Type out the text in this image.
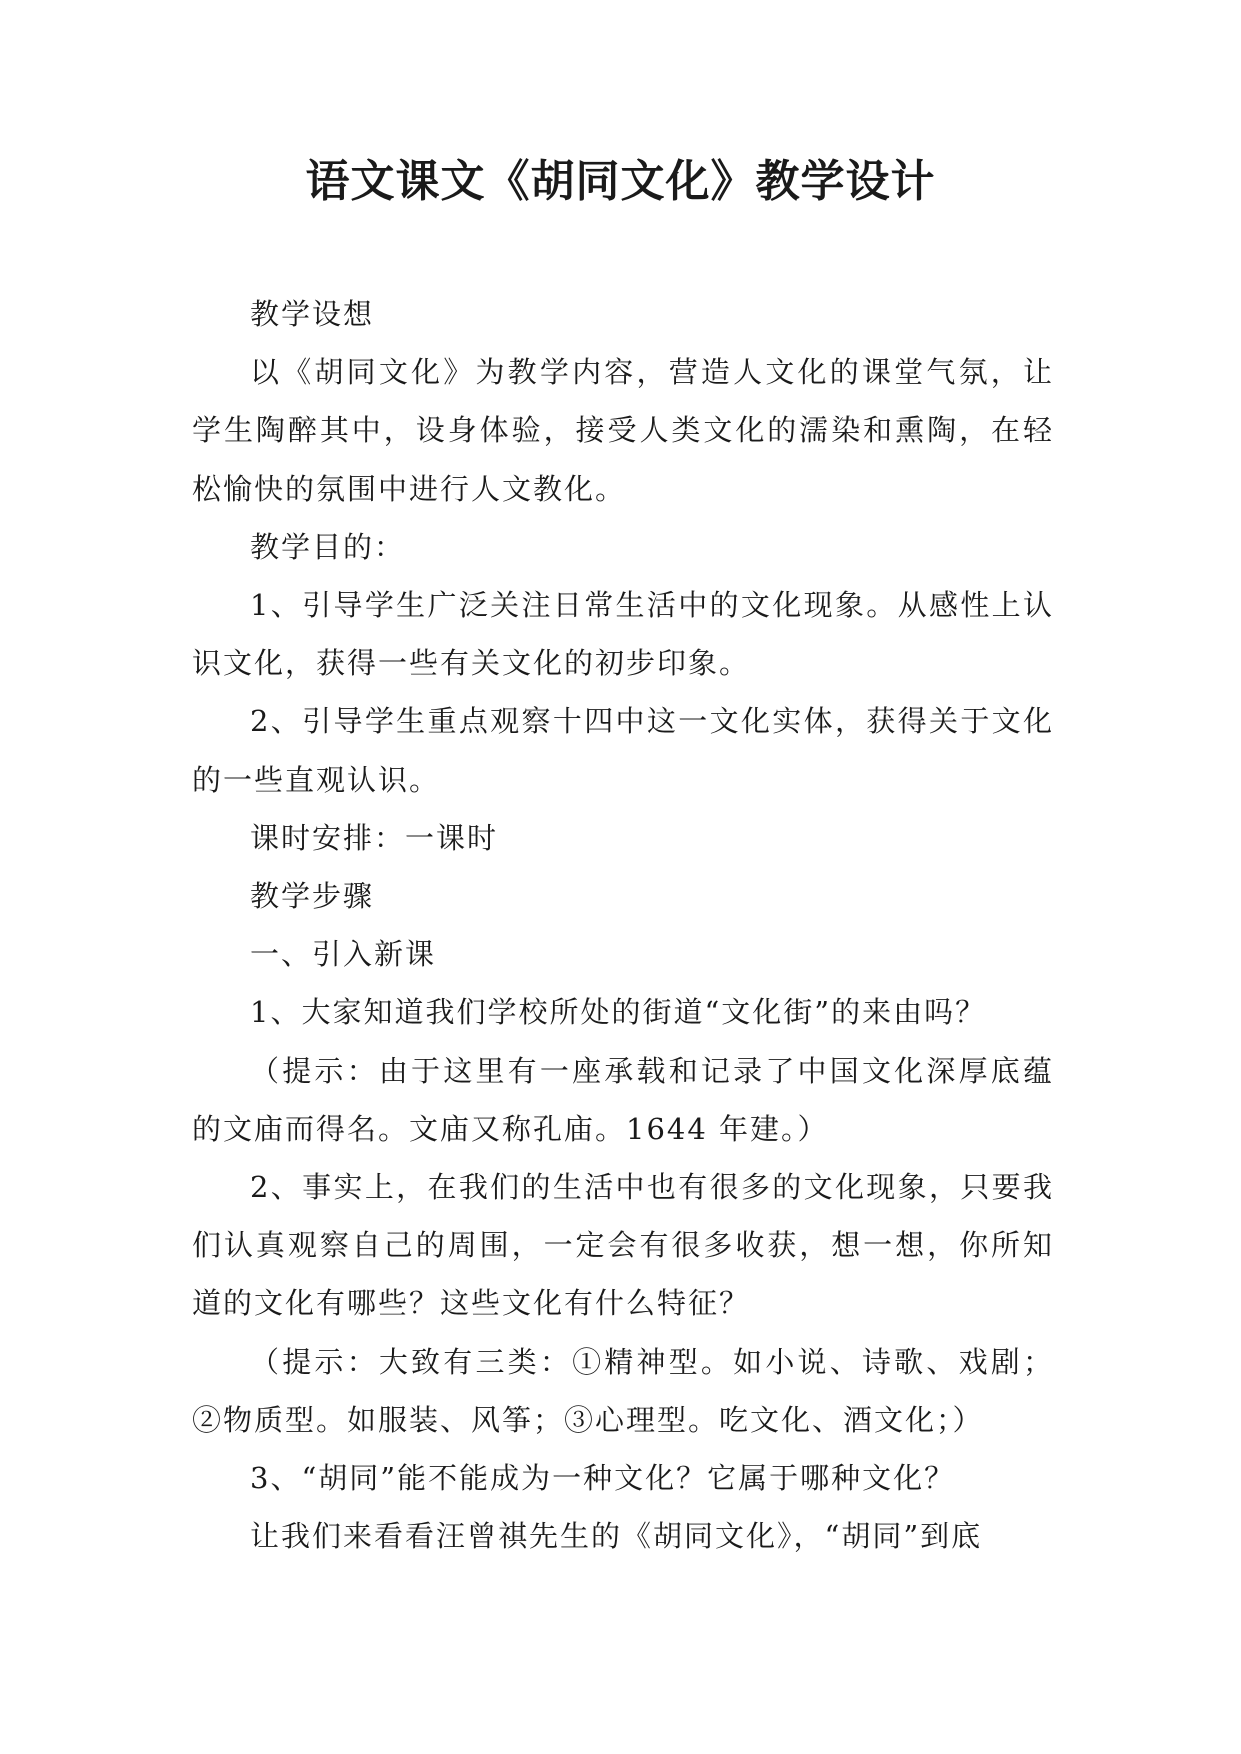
语文课文《胡同文化》教学设计

教学设想

以《胡同文化》为教学内容，营造人文化的课堂气氛，让学生陶醉其中，设身体验，接受人类文化的濡染和熏陶，在轻松愉快的氛围中进行人文教化。

教学目的：

1、引导学生广泛关注日常生活中的文化现象。从感性上认识文化，获得一些有关文化的初步印象。

2、引导学生重点观察十四中这一文化实体，获得关于文化的一些直观认识。

课时安排：一课时

教学步骤

一、引入新课

1、大家知道我们学校所处的街道“文化街”的来由吗？

（提示：由于这里有一座承载和记录了中国文化深厚底蕴的文庙而得名。文庙又称孔庙。1644 年建。）

2、事实上，在我们的生活中也有很多的文化现象，只要我们认真观察自己的周围，一定会有很多收获，想一想，你所知道的文化有哪些？这些文化有什么特征？

（提示：大致有三类：①精神型。如小说、诗歌、戏剧；②物质型。如服装、风筝；③心理型。吃文化、酒文化；）

3、“胡同”能不能成为一种文化？它属于哪种文化？

让我们来看看汪曾祺先生的《胡同文化》，“胡同”到底
